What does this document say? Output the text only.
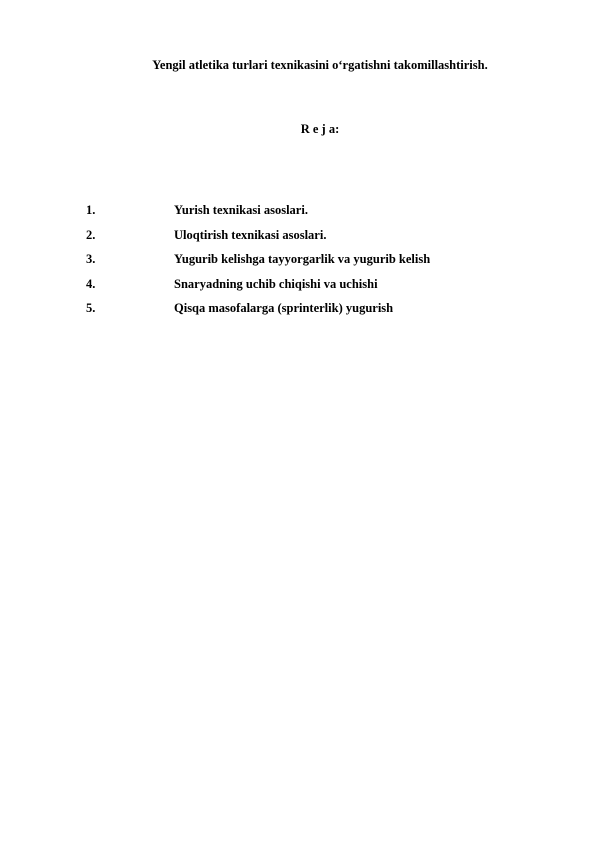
Yengil atletika turlari texnikasini o‘rgatishni takomillashtirish.
R e j a:
1.	Yurish texnikasi asoslari.
2.	Uloqtirish texnikasi asoslari.
3.	Yugurib kelishga tayyorgarlik va yugurib kelish
4.	Snaryadning uchib chiqishi va uchishi
5.	Qisqa masofalarga (sprinterlik) yugurish
